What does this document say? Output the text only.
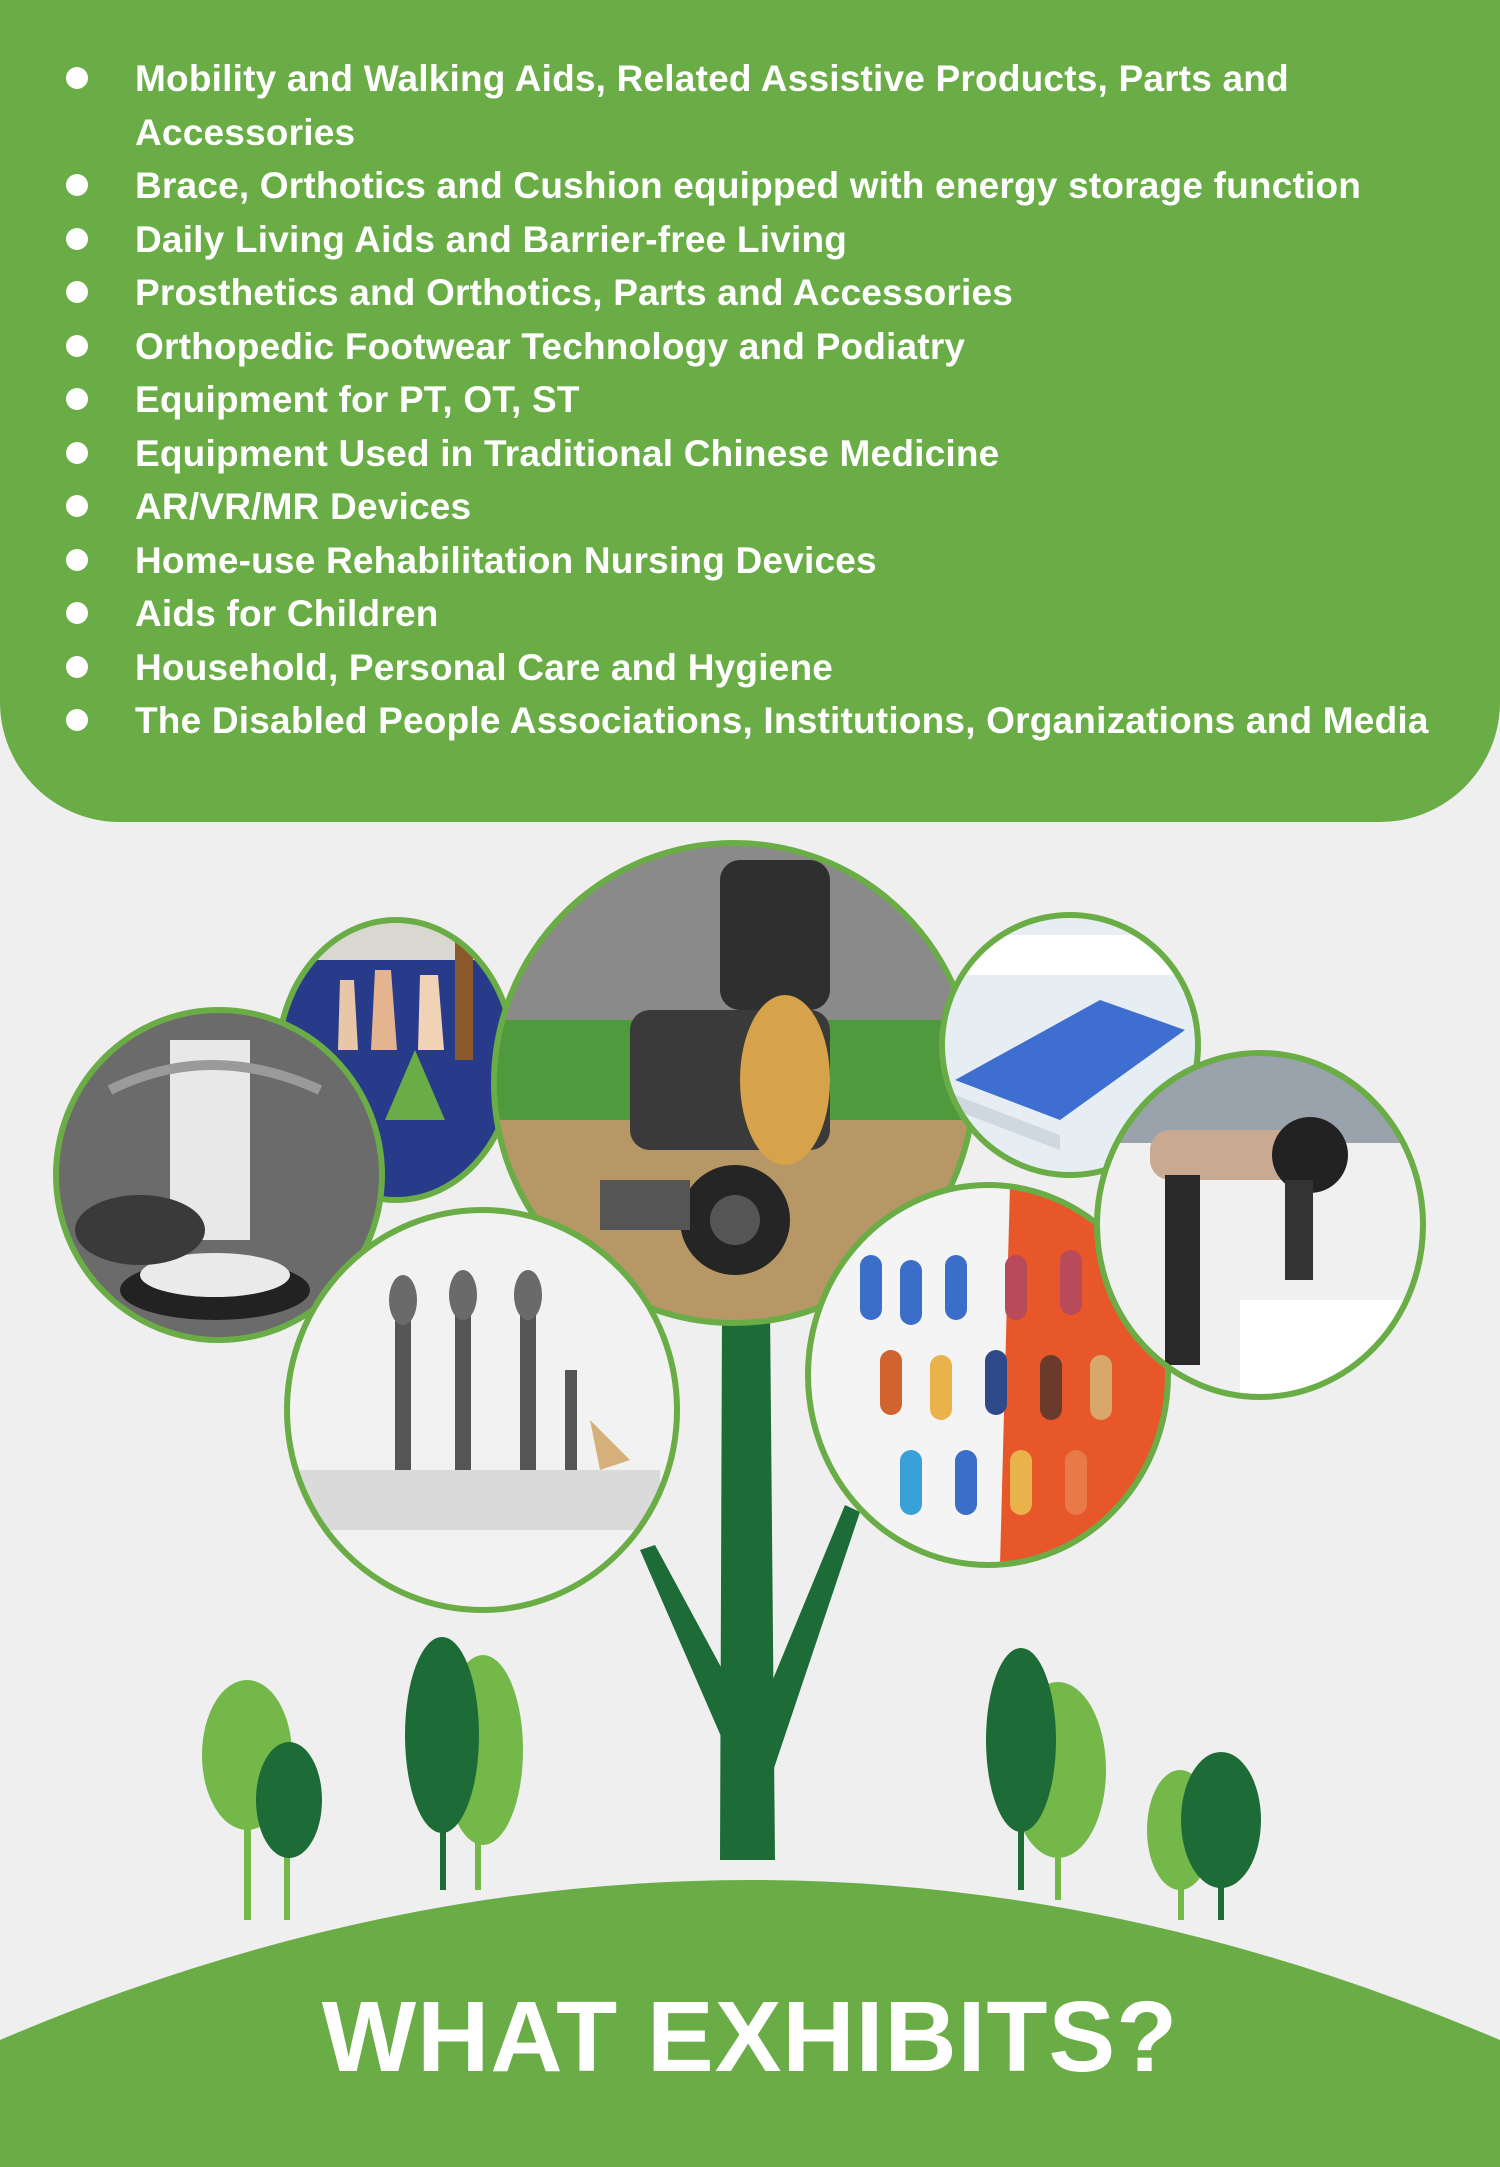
Mobility and Walking Aids, Related Assistive Products, Parts and Accessories
Brace, Orthotics and Cushion equipped with energy storage function
Daily Living Aids and Barrier-free Living
Prosthetics and Orthotics, Parts and Accessories
Orthopedic Footwear Technology and Podiatry
Equipment for PT, OT, ST
Equipment Used in Traditional Chinese Medicine
AR/VR/MR Devices
Home-use Rehabilitation Nursing Devices
Aids for Children
Household, Personal Care and Hygiene
The Disabled People Associations, Institutions, Organizations and Media
WHAT EXHIBITS?
